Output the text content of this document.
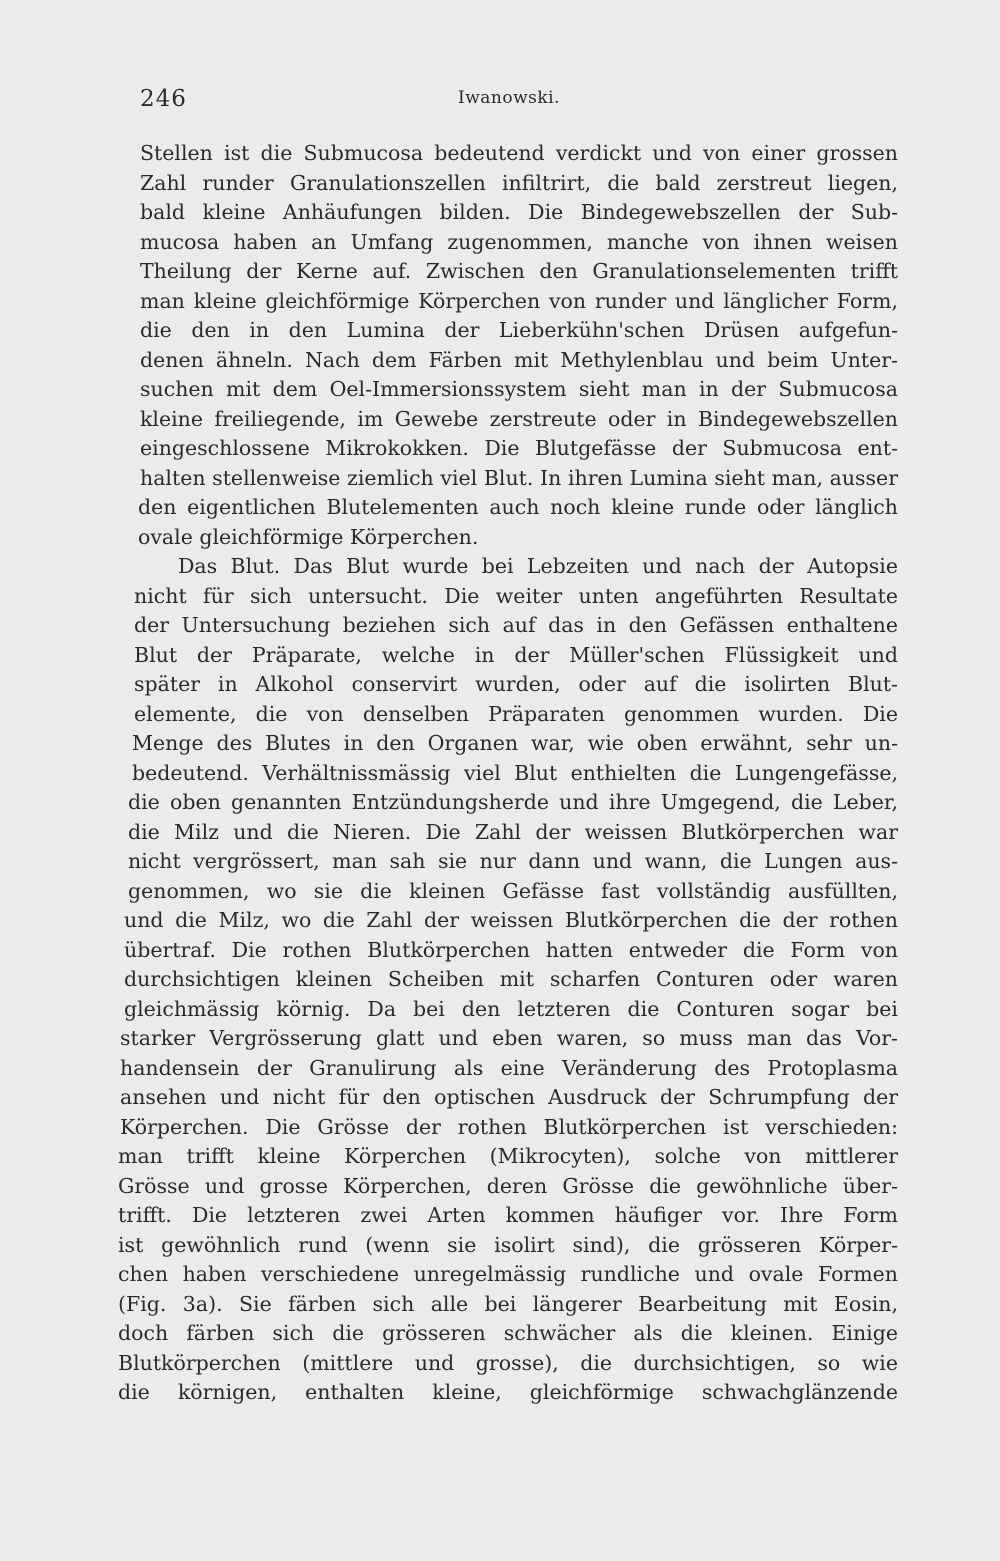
246	Iwanowski.
Stellen ist die Submucosa bedeutend verdickt und von einer grossen
Zahl runder Granulationszellen infiltrirt, die bald zerstreut liegen,
bald kleine Anhäufungen bilden. Die Bindegewebszellen der Sub-
mucosa haben an Umfang zugenommen, manche von ihnen weisen
Theilung der Kerne auf. Zwischen den Granulationselementen trifft
man kleine gleichförmige Körperchen von runder und länglicher Form,
die den in den Lumina der Lieberkühn'schen Drüsen aufgefun-
denen ähneln. Nach dem Färben mit Methylenblau und beim Unter-
suchen mit dem Oel-Immersionssystem sieht man in der Submucosa
kleine freiliegende, im Gewebe zerstreute oder in Bindegewebszellen
eingeschlossene Mikrokokken. Die Blutgefässe der Submucosa ent-
halten stellenweise ziemlich viel Blut. In ihren Lumina sieht man, ausser
den eigentlichen Blutelementen auch noch kleine runde oder länglich
ovale gleichförmige Körperchen.
Das Blut. Das Blut wurde bei Lebzeiten und nach der Autopsie
nicht für sich untersucht. Die weiter unten angeführten Resultate
der Untersuchung beziehen sich auf das in den Gefässen enthaltene
Blut der Präparate, welche in der Müller'schen Flüssigkeit und
später in Alkohol conservirt wurden, oder auf die isolirten Blut-
elemente, die von denselben Präparaten genommen wurden. Die
Menge des Blutes in den Organen war, wie oben erwähnt, sehr un-
bedeutend. Verhältnissmässig viel Blut enthielten die Lungengefässe,
die oben genannten Entzündungsherde und ihre Umgegend, die Leber,
die Milz und die Nieren. Die Zahl der weissen Blutkörperchen war
nicht vergrössert, man sah sie nur dann und wann, die Lungen aus-
genommen, wo sie die kleinen Gefässe fast vollständig ausfüllten,
und die Milz, wo die Zahl der weissen Blutkörperchen die der rothen
übertraf. Die rothen Blutkörperchen hatten entweder die Form von
durchsichtigen kleinen Scheiben mit scharfen Conturen oder waren
gleichmässig körnig. Da bei den letzteren die Conturen sogar bei
starker Vergrösserung glatt und eben waren, so muss man das Vor-
handensein der Granulirung als eine Veränderung des Protoplasma
ansehen und nicht für den optischen Ausdruck der Schrumpfung der
Körperchen. Die Grösse der rothen Blutkörperchen ist verschieden:
man trifft kleine Körperchen (Mikrocyten), solche von mittlerer
Grösse und grosse Körperchen, deren Grösse die gewöhnliche über-
trifft. Die letzteren zwei Arten kommen häufiger vor. Ihre Form
ist gewöhnlich rund (wenn sie isolirt sind), die grösseren Körper-
chen haben verschiedene unregelmässig rundliche und ovale Formen
(Fig. 3a). Sie färben sich alle bei längerer Bearbeitung mit Eosin,
doch färben sich die grösseren schwächer als die kleinen. Einige
Blutkörperchen (mittlere und grosse), die durchsichtigen, so wie
die körnigen, enthalten kleine, gleichförmige schwachglänzende
